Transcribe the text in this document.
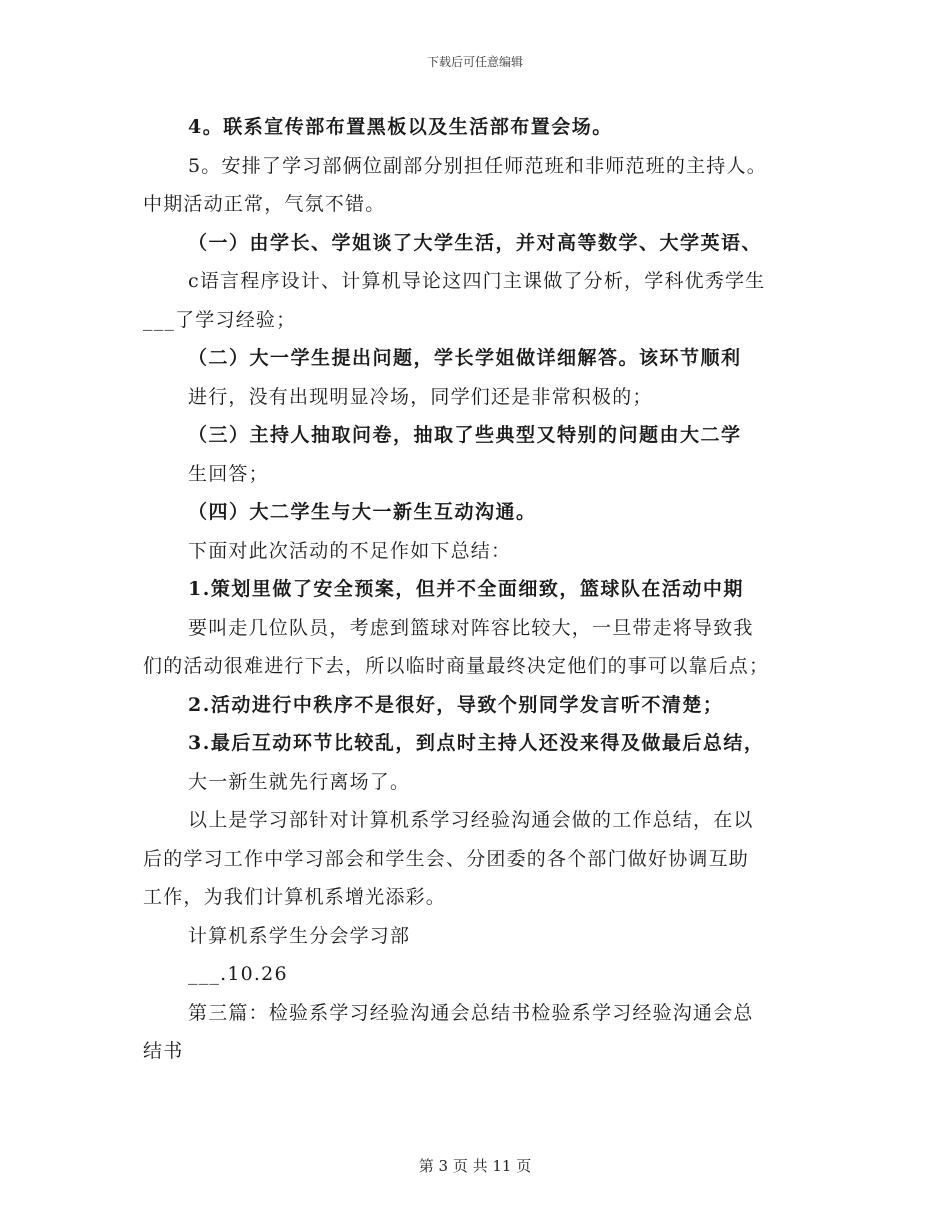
下载后可任意编辑
4。联系宣传部布置黑板以及生活部布置会场。
5。安排了学习部俩位副部分别担任师范班和非师范班的主持人。
中期活动正常，气氛不错。
（一）由学长、学姐谈了大学生活，并对高等数学、大学英语、
c语言程序设计、计算机导论这四门主课做了分析，学科优秀学生
___了学习经验；
（二）大一学生提出问题，学长学姐做详细解答。该环节顺利
进行，没有出现明显冷场，同学们还是非常积极的；
（三）主持人抽取问卷，抽取了些典型又特别的问题由大二学
生回答；
（四）大二学生与大一新生互动沟通。
下面对此次活动的不足作如下总结：
1.策划里做了安全预案，但并不全面细致，篮球队在活动中期
要叫走几位队员，考虑到篮球对阵容比较大，一旦带走将导致我
们的活动很难进行下去，所以临时商量最终决定他们的事可以靠后点；
2.活动进行中秩序不是很好，导致个别同学发言听不清楚；
3.最后互动环节比较乱，到点时主持人还没来得及做最后总结，
大一新生就先行离场了。
以上是学习部针对计算机系学习经验沟通会做的工作总结，在以
后的学习工作中学习部会和学生会、分团委的各个部门做好协调互助
工作，为我们计算机系增光添彩。
计算机系学生分会学习部
___.10.26
第三篇：检验系学习经验沟通会总结书检验系学习经验沟通会总
结书
第 3 页 共 11 页
